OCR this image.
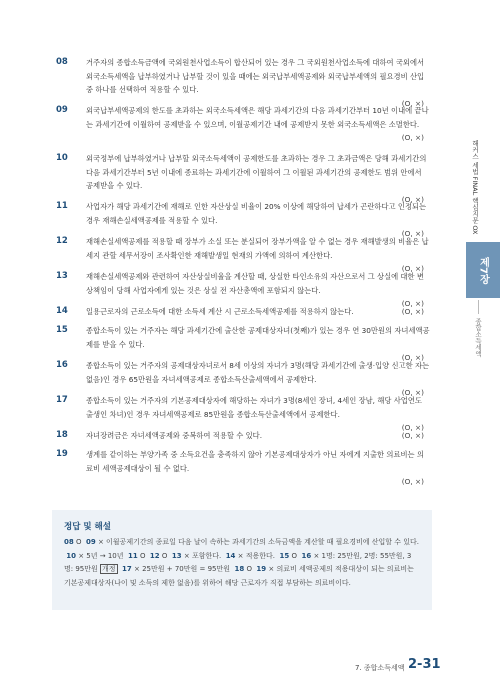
08 거주자의 종합소득금액에 국외원천사업소득이 합산되어 있는 경우 그 국외원천사업소득에 대하여 국외에서 외국소득세액을 납부하였거나 납부할 것이 있을 때에는 외국납부세액공제와 외국납부세액의 필요경비 산입 중 하나를 선택하여 적용할 수 있다.
(O, ×)
09 외국납부세액공제의 한도를 초과하는 외국소득세액은 해당 과세기간의 다음 과세기간부터 10년 이내에 끝나는 과세기간에 이월하여 공제받을 수 있으며, 이월공제기간 내에 공제받지 못한 외국소득세액은 소멸한다.
(O, ×)
10 외국정부에 납부하였거나 납부할 외국소득세액이 공제한도를 초과하는 경우 그 초과금액은 당해 과세기간의 다음 과세기간부터 5년 이내에 종료하는 과세기간에 이월하여 그 이월된 과세기간의 공제한도 범위 안에서 공제받을 수 있다.
(O, ×)
11 사업자가 해당 과세기간에 재해로 인한 자산상실 비율이 20% 이상에 해당하여 납세가 곤란하다고 인정되는 경우 재해손실세액공제를 적용할 수 있다.
(O, ×)
12 재해손실세액공제를 적용할 때 장부가 소실 또는 분실되어 장부가액을 알 수 없는 경우 재해발생의 비율은 납세지 관할 세무서장이 조사확인한 재해발생일 현재의 가액에 의하여 계산한다.
(O, ×)
13 재해손실세액공제와 관련하여 자산상실비율을 계산할 때, 상실한 타인소유의 자산으로서 그 상실에 대한 변상책임이 당해 사업자에게 있는 것은 상실 전 자산총액에 포함되지 않는다.
(O, ×)
14 일용근로자의 근로소득에 대한 소득세 계산 시 근로소득세액공제를 적용하지 않는다.	(O, ×)
15 종합소득이 있는 거주자는 해당 과세기간에 출산한 공제대상자녀(첫째)가 있는 경우 연 30만원의 자녀세액공제를 받을 수 있다.
(O, ×)
16 종합소득이 있는 거주자의 공제대상자녀로서 8세 이상의 자녀가 3명(해당 과세기간에 출생·입양 신고한 자는 없음)인 경우 65만원을 자녀세액공제로 종합소득산출세액에서 공제한다.
(O, ×)
17 종합소득이 있는 거주자의 기본공제대상자에 해당하는 자녀가 3명(8세인 장녀, 4세인 장남, 해당 사업연도 출생인 차녀)인 경우 자녀세액공제로 85만원을 종합소득산출세액에서 공제한다.
(O, ×)
18 자녀장려금은 자녀세액공제와 중복하여 적용할 수 있다.	(O, ×)
19 생계를 같이하는 부양가족 중 소득요건을 충족하지 않아 기본공제대상자가 아닌 자에게 지출한 의료비는 의료비 세액공제대상이 될 수 없다.
(O, ×)
정답 및 해설
08 O 09 × 이월공제기간의 종료일 다음 날이 속하는 과세기간의 소득금액을 계산할 때 필요경비에 산입할 수 있다.  10 × 5년 → 10년 11 O 12 O 13 × 포함한다. 14 × 적용한다. 15 O 16 × 1명: 25만원, 2명: 55만원, 3명: 95만원 개정 17 × 25만원 + 70만원 = 95만원 18 O 19 × 의료비 세액공제의 적용대상이 되는 의료비는 기본공제대상자(나이 및 소득의 제한 없음)를 위하여 해당 근로자가 직접 부담하는 의료비이다.
7. 종합소득세액 2-31
해커스 세법 FINAL 핵심지문 OX
제7장
종합소득세액
